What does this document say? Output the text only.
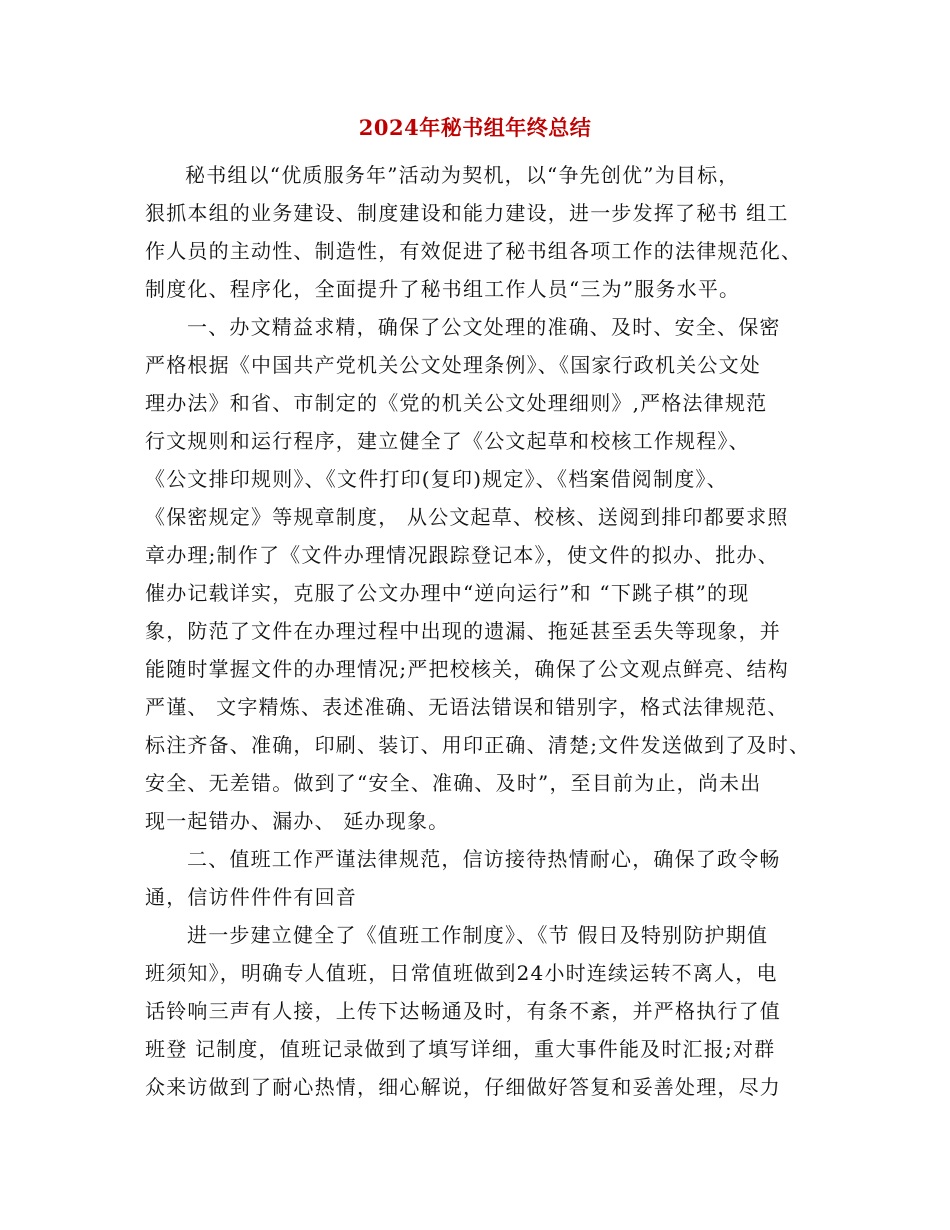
2024年秘书组年终总结
秘书组以“优质服务年”活动为契机，以“争先创优”为目标，
狠抓本组的业务建设、制度建设和能力建设，进一步发挥了秘书 组工
作人员的主动性、制造性，有效促进了秘书组各项工作的法律规范化、
制度化、程序化，全面提升了秘书组工作人员“三为”服务水平。
一、办文精益求精，确保了公文处理的准确、及时、安全、保密
严格根据《中国共产党机关公文处理条例》、《国家行政机关公文处
理办法》和省、市制定的《党的机关公文处理细则》,严格法律规范
行文规则和运行程序，建立健全了《公文起草和校核工作规程》、
《公文排印规则》、《文件打印(复印)规定》、《档案借阅制度》、
《保密规定》等规章制度， 从公文起草、校核、送阅到排印都要求照
章办理;制作了《文件办理情况跟踪登记本》，使文件的拟办、批办、
催办记载详实，克服了公文办理中“逆向运行”和 “下跳子棋”的现
象，防范了文件在办理过程中出现的遗漏、拖延甚至丢失等现象，并
能随时掌握文件的办理情况;严把校核关，确保了公文观点鲜亮、结构
严谨、 文字精炼、表述准确、无语法错误和错别字，格式法律规范、
标注齐备、准确，印刷、装订、用印正确、清楚;文件发送做到了及时、
安全、无差错。做到了“安全、准确、及时”，至目前为止，尚未出
现一起错办、漏办、 延办现象。
二、值班工作严谨法律规范，信访接待热情耐心，确保了政令畅
通，信访件件件有回音
进一步建立健全了《值班工作制度》、《节 假日及特别防护期值
班须知》，明确专人值班，日常值班做到24小时连续运转不离人，电
话铃响三声有人接，上传下达畅通及时，有条不紊，并严格执行了值
班登 记制度，值班记录做到了填写详细，重大事件能及时汇报;对群
众来访做到了耐心热情，细心解说，仔细做好答复和妥善处理，尽力
